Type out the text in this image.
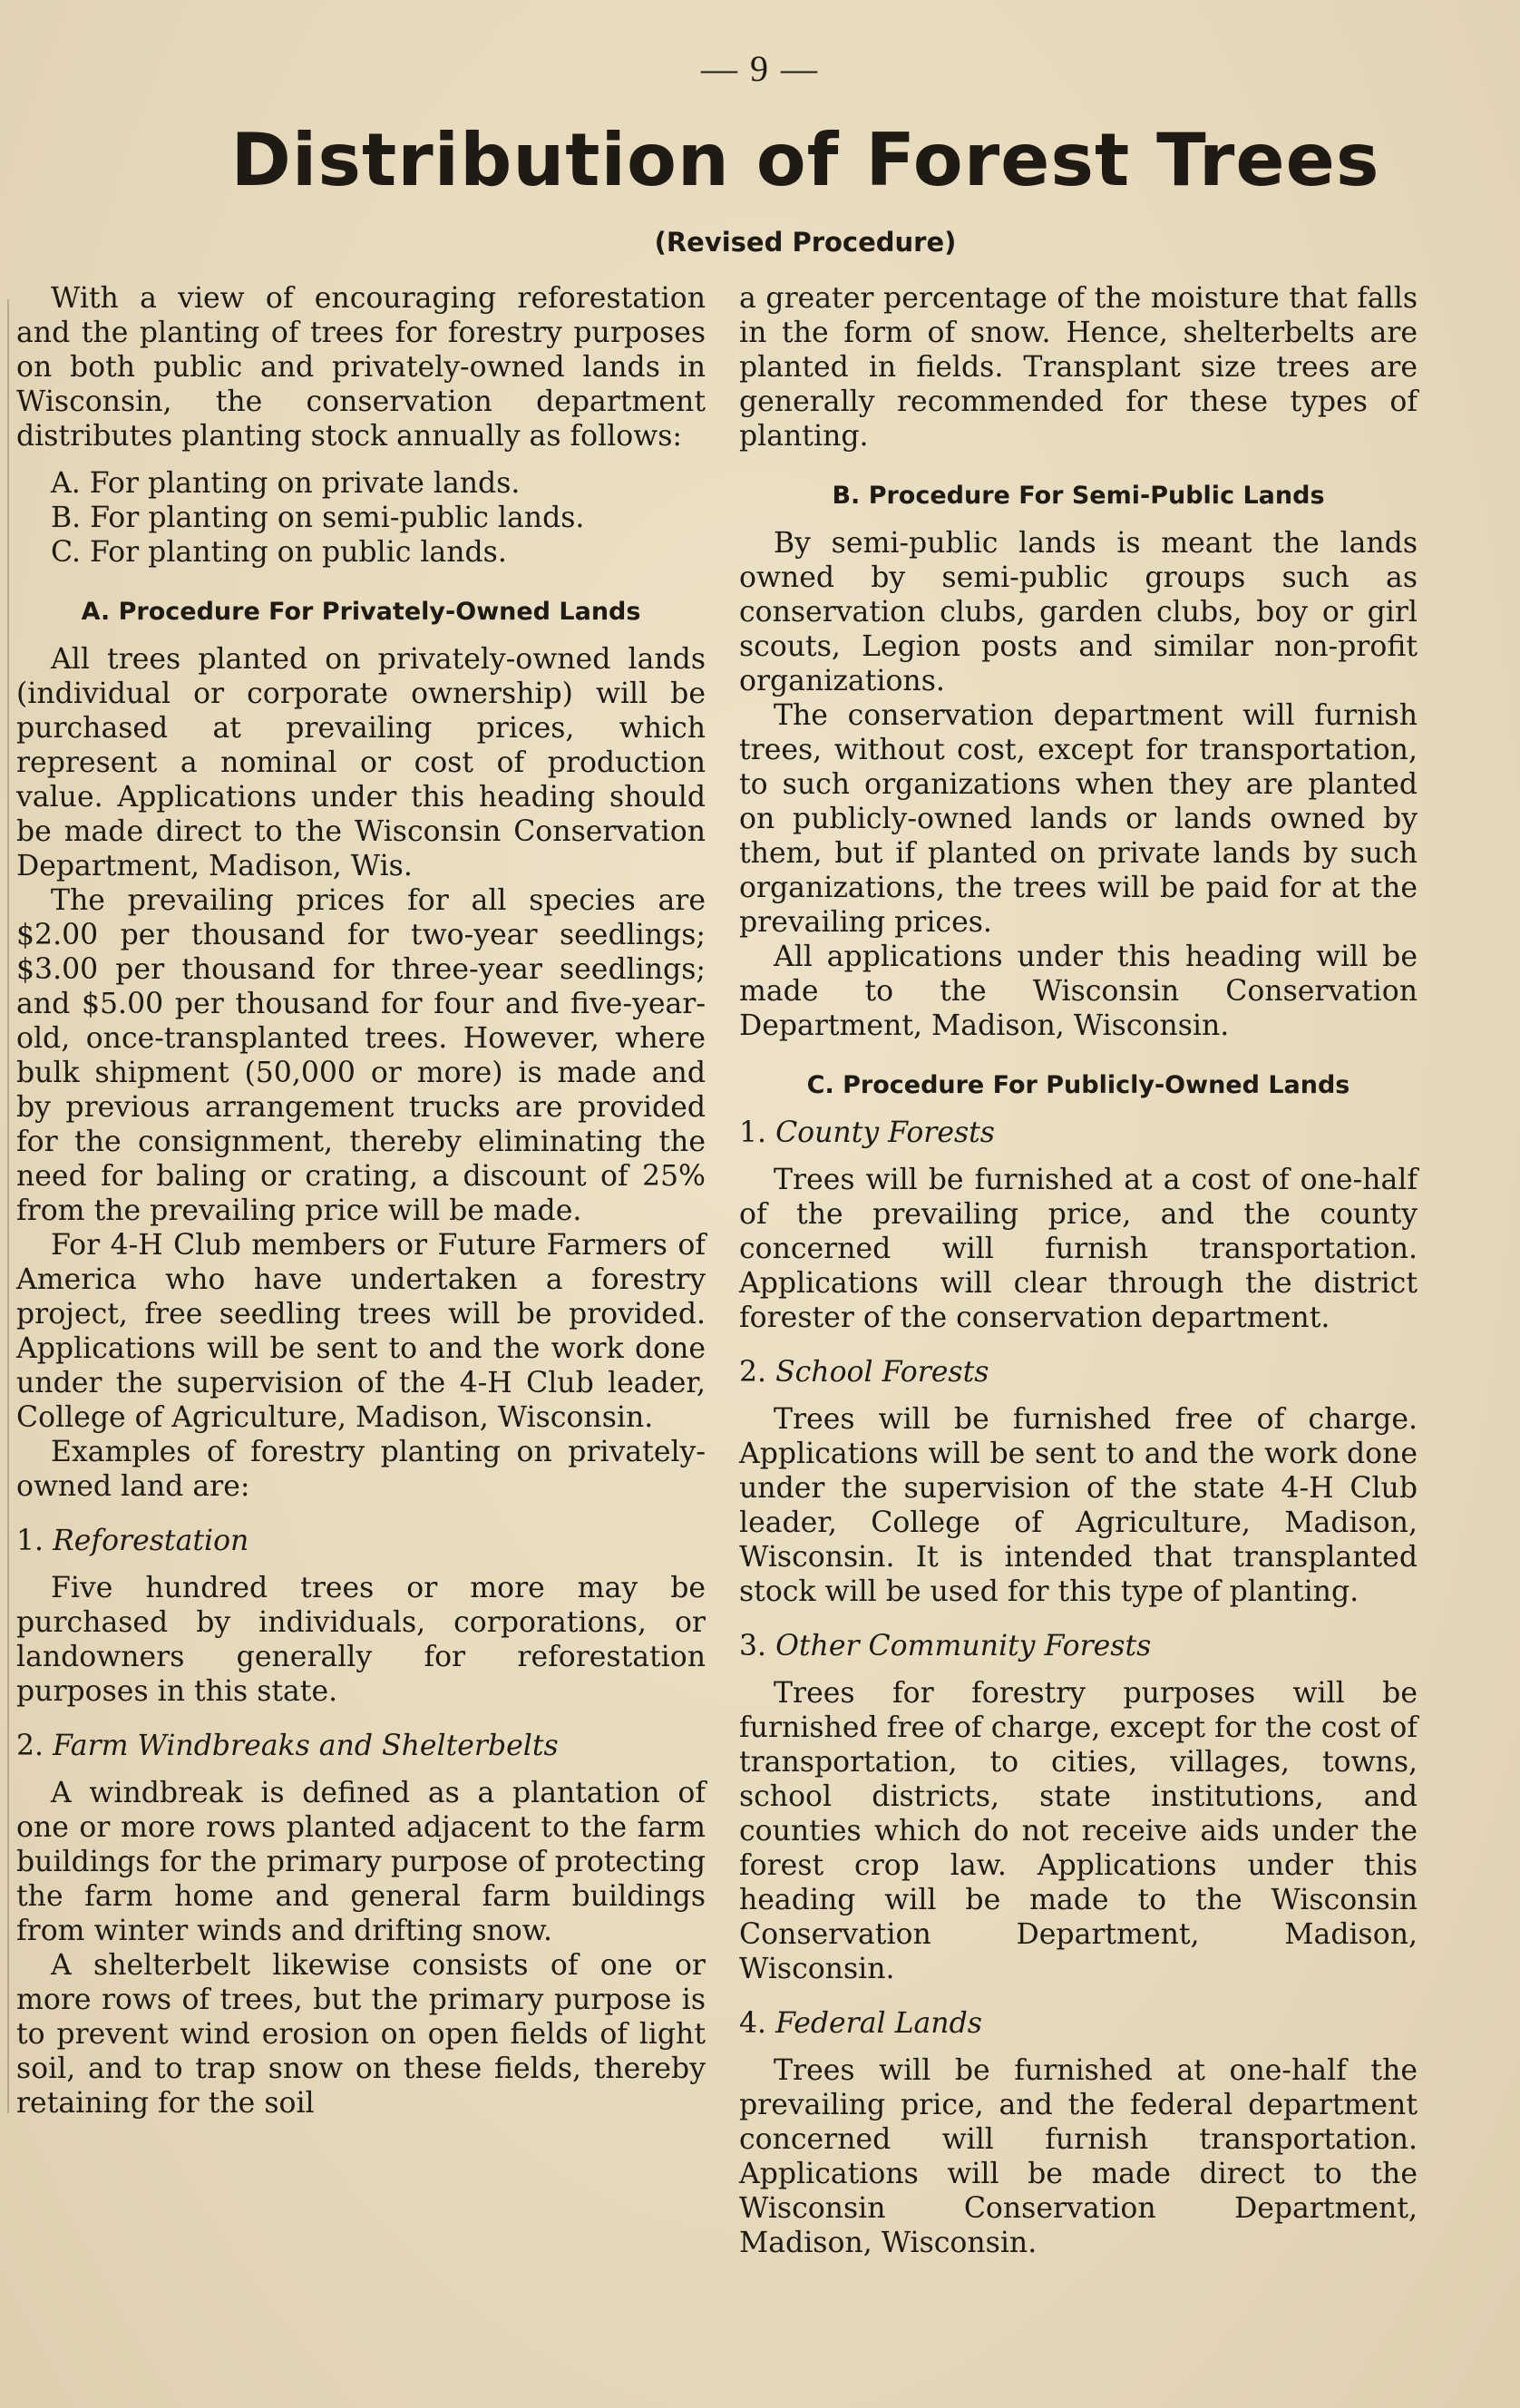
— 9 —
Distribution of Forest Trees
(Revised Procedure)

With a view of encouraging reforestation and the planting of trees for forestry purposes on both public and privately-owned lands in Wisconsin, the conservation department distributes planting stock annually as follows:

A. For planting on private lands.

B. For planting on semi-public lands.

C. For planting on public lands.

A. Procedure For Privately-Owned Lands

All trees planted on privately-owned lands (individual or corporate ownership) will be purchased at prevailing prices, which represent a nominal or cost of production value. Applications under this heading should be made direct to the Wisconsin Conservation Department, Madison, Wis.

The prevailing prices for all species are $2.00 per thousand for two-year seedlings; $3.00 per thousand for three-year seedlings; and $5.00 per thousand for four and five-year-old, once-transplanted trees. However, where bulk shipment (50,000 or more) is made and by previous arrangement trucks are provided for the consignment, thereby eliminating the need for baling or crating, a discount of 25% from the prevailing price will be made.

For 4-H Club members or Future Farmers of America who have undertaken a forestry project, free seedling trees will be provided. Applications will be sent to and the work done under the supervision of the 4-H Club leader, College of Agriculture, Madison, Wisconsin.

Examples of forestry planting on privately-owned land are:

1. Reforestation

Five hundred trees or more may be purchased by individuals, corporations, or landowners generally for reforestation purposes in this state.

2. Farm Windbreaks and Shelterbelts

A windbreak is defined as a plantation of one or more rows planted adjacent to the farm buildings for the primary purpose of protecting the farm home and general farm buildings from winter winds and drifting snow.

A shelterbelt likewise consists of one or more rows of trees, but the primary purpose is to prevent wind erosion on open fields of light soil, and to trap snow on these fields, thereby retaining for the soil

a greater percentage of the moisture that falls in the form of snow. Hence, shelterbelts are planted in fields. Transplant size trees are generally recommended for these types of planting.

B. Procedure For Semi-Public Lands

By semi-public lands is meant the lands owned by semi-public groups such as conservation clubs, garden clubs, boy or girl scouts, Legion posts and similar non-profit organizations.

The conservation department will furnish trees, without cost, except for transportation, to such organizations when they are planted on publicly-owned lands or lands owned by them, but if planted on private lands by such organizations, the trees will be paid for at the prevailing prices.

All applications under this heading will be made to the Wisconsin Conservation Department, Madison, Wisconsin.

C. Procedure For Publicly-Owned Lands

1. County Forests

Trees will be furnished at a cost of one-half of the prevailing price, and the county concerned will furnish transportation. Applications will clear through the district forester of the conservation department.

2. School Forests

Trees will be furnished free of charge. Applications will be sent to and the work done under the supervision of the state 4-H Club leader, College of Agriculture, Madison, Wisconsin. It is intended that transplanted stock will be used for this type of planting.

3. Other Community Forests

Trees for forestry purposes will be furnished free of charge, except for the cost of transportation, to cities, villages, towns, school districts, state institutions, and counties which do not receive aids under the forest crop law. Applications under this heading will be made to the Wisconsin Conservation Department, Madison, Wisconsin.

4. Federal Lands

Trees will be furnished at one-half the prevailing price, and the federal department concerned will furnish transportation. Applications will be made direct to the Wisconsin Conservation Department, Madison, Wisconsin.
